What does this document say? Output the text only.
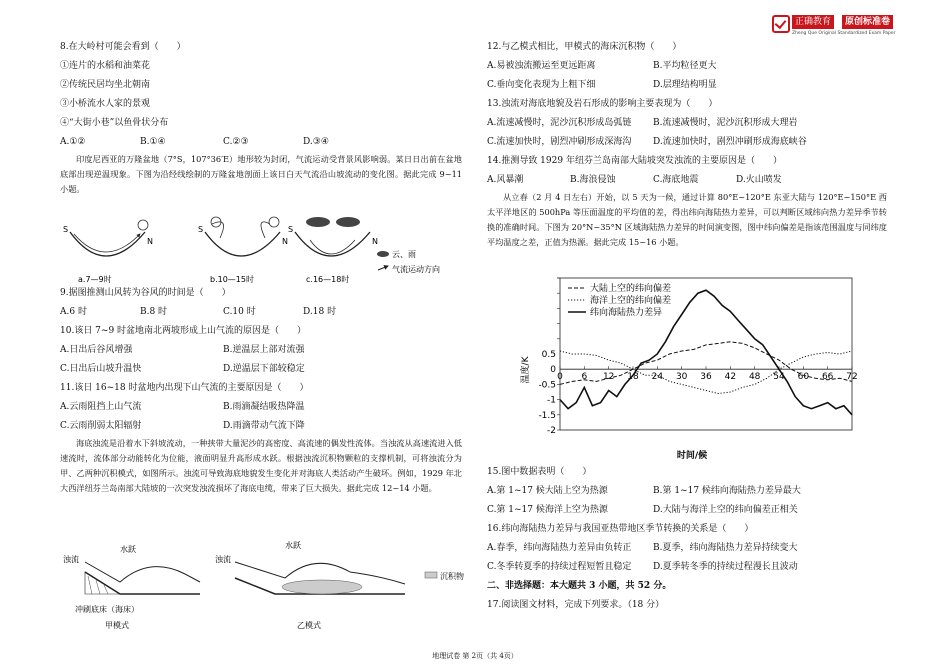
正确教育	原创标准卷
Zheng Que Original Standardized Exam Paper
8.在大岭村可能会看到（　　）
①连片的水稻和油菜花
②传统民居均坐北朝南
③小桥流水人家的景观
④“大街小巷”以鱼骨状分布
A.①②	B.①④	C.②③	D.③④
印度尼西亚的万隆盆地（7°S，107°36′E）地形较为封闭，气流运动受背景风影响弱。某日日出前在盆地底部出现逆温现象。下图为沿经线绘制的万隆盆地剖面上该日白天气流沿山坡流动的变化图。据此完成 9~11 小题。
S
N
S
N
S
N
a.7—9时	b.10—15时	c.16—18时
云、雨
气流运动方向
9.据图推测山风转为谷风的时间是（　　）
A.6 时	B.8 时	C.10 时	D.18 时
10.该日 7~9 时盆地南北两坡形成上山气流的原因是（　　）
A.日出后谷风增强	B.逆温层上部对流强
C.日出后山坡升温快	D.逆温层下部较稳定
11.该日 16~18 时盆地内出现下山气流的主要原因是（　　）
A.云雨阻挡上山气流	B.雨滴凝结吸热降温
C.云雨削弱太阳辐射	D.雨滴带动气流下降
海底浊流是沿着水下斜坡流动，一种挟带大量泥沙的高密度、高流速的偶发性流体。当浊流从高速流进入低速流时，流体部分动能转化为位能，液面明显升高形成水跃。根据浊流沉积物颗粒的支撑机制，可将浊流分为甲、乙两种沉积模式，如图所示。浊流可导致海底地貌发生变化并对海底人类活动产生破坏。例如，1929 年北大西洋纽芬兰岛南部大陆坡的一次突发浊流损坏了海底电缆，带来了巨大损失。据此完成 12~14 小题。
浊流
水跃
冲刷底床（海床）
甲模式
浊流
水跃
乙模式
沉积物
12.与乙模式相比，甲模式的海床沉积物（　　）
A.易被浊流搬运至更远距离	B.平均粒径更大
C.垂向变化表现为上粗下细	D.层理结构明显
13.浊流对海底地貌及岩石形成的影响主要表现为（　　）
A.流速减慢时，泥沙沉积形成岛弧链 B.流速减慢时，泥沙沉积形成大理岩
C.流速加快时，剧烈冲刷形成深海沟 D.流速加快时，剧烈冲刷形成海底峡谷
14.推测导致 1929 年纽芬兰岛南部大陆坡突发浊流的主要原因是（　　）
A.风暴潮	B.海浪侵蚀	C.海底地震	D.火山喷发
从立春（2 月 4 日左右）开始，以 5 天为一候，通过计算 80°E~120°E 东亚大陆与 120°E~150°E 西太平洋地区的 500hPa 等压面温度的平均值的差，得出纬向海陆热力差异，可以判断区域纬向热力差异季节转换的准确时间。下图为 20°N~35°N 区域海陆热力差异的时间演变图，图中纬向偏差是指该范围温度与同纬度平均温度之差，正值为热源。据此完成 15~16 小题。
-2
-1.5
-1
-0.5
0
0.5
0 6 12 18 24 30 36 42 48 54 60 66 72
大陆上空的纬向偏差
海洋上空的纬向偏差
纬向海陆热力差异
温度/K
时间/候
15.图中数据表明（　　）
A.第 1~17 候大陆上空为热源	B.第 1~17 候纬向海陆热力差异最大
C.第 1~17 候海洋上空为热源	D.大陆与海洋上空的纬向偏差正相关
16.纬向海陆热力差异与我国亚热带地区季节转换的关系是（　　）
A.春季，纬向海陆热力差异由负转正 B.夏季，纬向海陆热力差异持续变大
C.冬季转夏季的持续过程短暂且稳定 D.夏季转冬季的持续过程漫长且波动
二、非选择题：本大题共 3 小题，共 52 分。
17.阅读图文材料，完成下列要求。（18 分）
地理试卷 第 2页（共 4页）
